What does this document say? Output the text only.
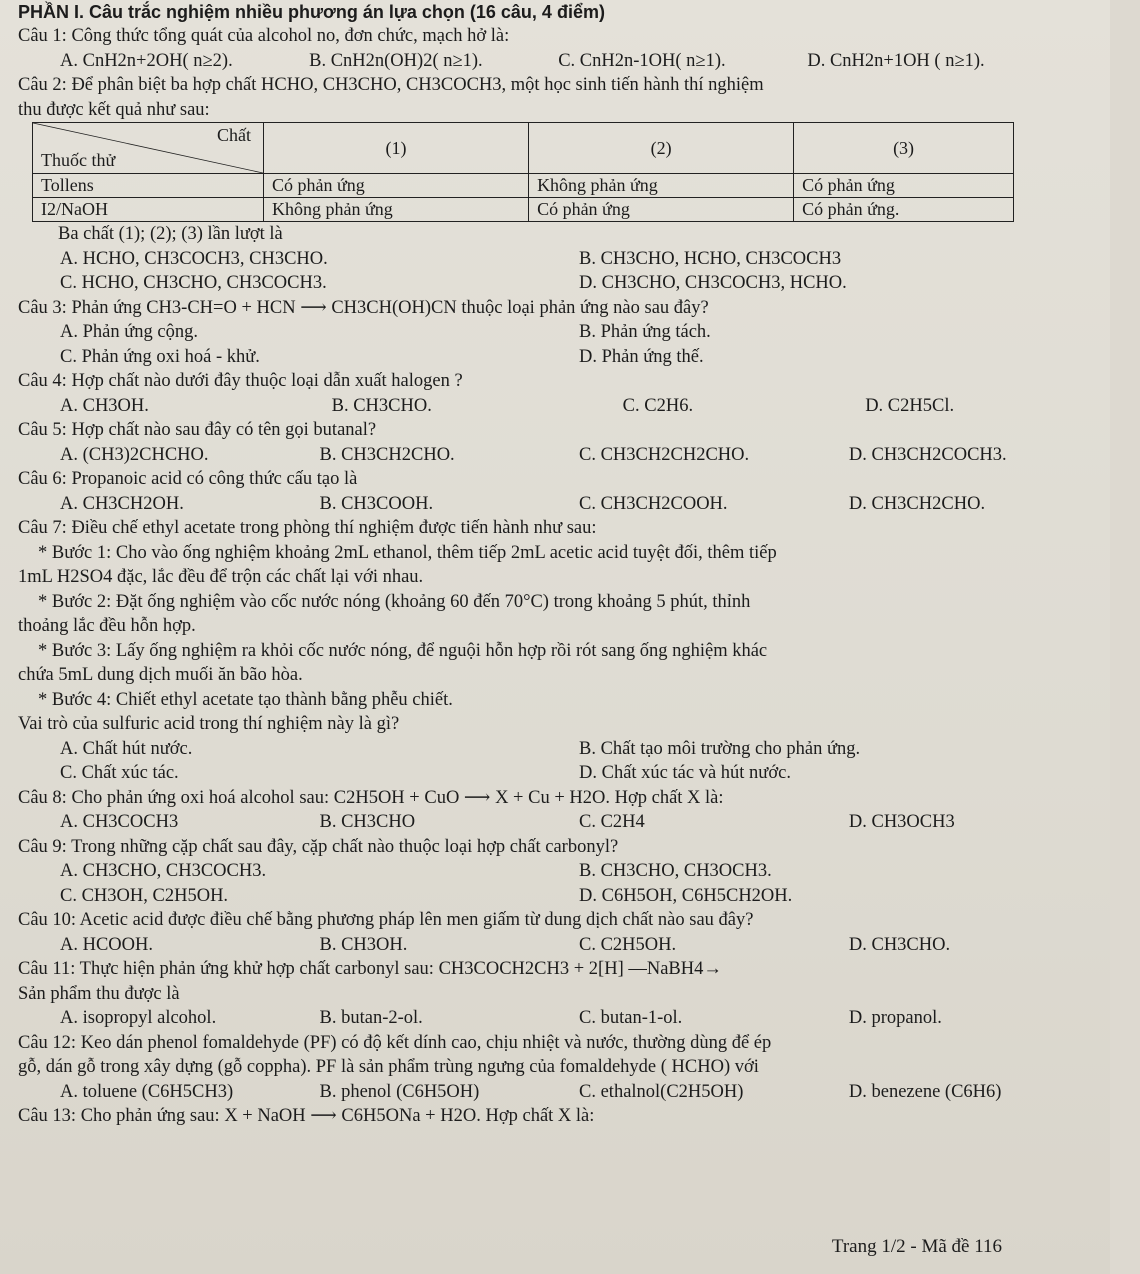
PHẦN I. Câu trắc nghiệm nhiều phương án lựa chọn (16 câu, 4 điểm)
Câu 1: Công thức tổng quát của alcohol no, đơn chức, mạch hở là:
A. CnH2n+2OH( n≥2).	B. CnH2n(OH)2( n≥1).	C. CnH2n-1OH( n≥1).	D. CnH2n+1OH ( n≥1).
Câu 2: Để phân biệt ba hợp chất HCHO, CH3CHO, CH3COCH3, một học sinh tiến hành thí nghiệm
thu được kết quả như sau:
Chất
Thuốc thử	(1)	(2)	(3)
Tollens	Có phản ứng	Không phản ứng	Có phản ứng
I2/NaOH	Không phản ứng	Có phản ứng	Có phản ứng.
Ba chất (1); (2); (3) lần lượt là
A. HCHO, CH3COCH3, CH3CHO.	B. CH3CHO, HCHO, CH3COCH3
C. HCHO, CH3CHO, CH3COCH3.	D. CH3CHO, CH3COCH3, HCHO.
Câu 3: Phản ứng CH3-CH=O + HCN ⟶ CH3CH(OH)CN thuộc loại phản ứng nào sau đây?
A. Phản ứng cộng.	B. Phản ứng tách.
C. Phản ứng oxi hoá - khử.	D. Phản ứng thế.
Câu 4: Hợp chất nào dưới đây thuộc loại dẫn xuất halogen ?
A. CH3OH.	B. CH3CHO.	C. C2H6.	D. C2H5Cl.
Câu 5: Hợp chất nào sau đây có tên gọi butanal?
A. (CH3)2CHCHO.	B. CH3CH2CHO.	C. CH3CH2CH2CHO.	D. CH3CH2COCH3.
Câu 6: Propanoic acid có công thức cấu tạo là
A. CH3CH2OH.	B. CH3COOH.	C. CH3CH2COOH.	D. CH3CH2CHO.
Câu 7: Điều chế ethyl acetate trong phòng thí nghiệm được tiến hành như sau:
* Bước 1: Cho vào ống nghiệm khoảng 2mL ethanol, thêm tiếp 2mL acetic acid tuyệt đối, thêm tiếp
1mL H2SO4 đặc, lắc đều để trộn các chất lại với nhau.
* Bước 2: Đặt ống nghiệm vào cốc nước nóng (khoảng 60 đến 70°C) trong khoảng 5 phút, thỉnh
thoảng lắc đều hỗn hợp.
* Bước 3: Lấy ống nghiệm ra khỏi cốc nước nóng, để nguội hỗn hợp rồi rót sang ống nghiệm khác
chứa 5mL dung dịch muối ăn bão hòa.
* Bước 4: Chiết ethyl acetate tạo thành bằng phễu chiết.
Vai trò của sulfuric acid trong thí nghiệm này là gì?
A. Chất hút nước.	B. Chất tạo môi trường cho phản ứng.
C. Chất xúc tác.	D. Chất xúc tác và hút nước.
Câu 8: Cho phản ứng oxi hoá alcohol sau: C2H5OH + CuO ⟶ X + Cu + H2O. Hợp chất X là:
A. CH3COCH3	B. CH3CHO	C. C2H4	D. CH3OCH3
Câu 9: Trong những cặp chất sau đây, cặp chất nào thuộc loại hợp chất carbonyl?
A. CH3CHO, CH3COCH3.	B. CH3CHO, CH3OCH3.
C. CH3OH, C2H5OH.	D. C6H5OH, C6H5CH2OH.
Câu 10: Acetic acid được điều chế bằng phương pháp lên men giấm từ dung dịch chất nào sau đây?
A. HCOOH.	B. CH3OH.	C. C2H5OH.	D. CH3CHO.
Câu 11: Thực hiện phản ứng khử hợp chất carbonyl sau: CH3COCH2CH3 + 2[H] —NaBH4→
Sản phẩm thu được là
A. isopropyl alcohol.	B. butan-2-ol.	C. butan-1-ol.	D. propanol.
Câu 12: Keo dán phenol fomaldehyde (PF) có độ kết dính cao, chịu nhiệt và nước, thường dùng để ép
gỗ, dán gỗ trong xây dựng (gỗ coppha). PF là sản phẩm trùng ngưng của fomaldehyde ( HCHO) với
A. toluene (C6H5CH3)	B. phenol (C6H5OH)	C. ethalnol(C2H5OH)	D. benezene (C6H6)
Câu 13: Cho phản ứng sau: X + NaOH ⟶ C6H5ONa + H2O. Hợp chất X là:
Trang 1/2 - Mã đề 116
